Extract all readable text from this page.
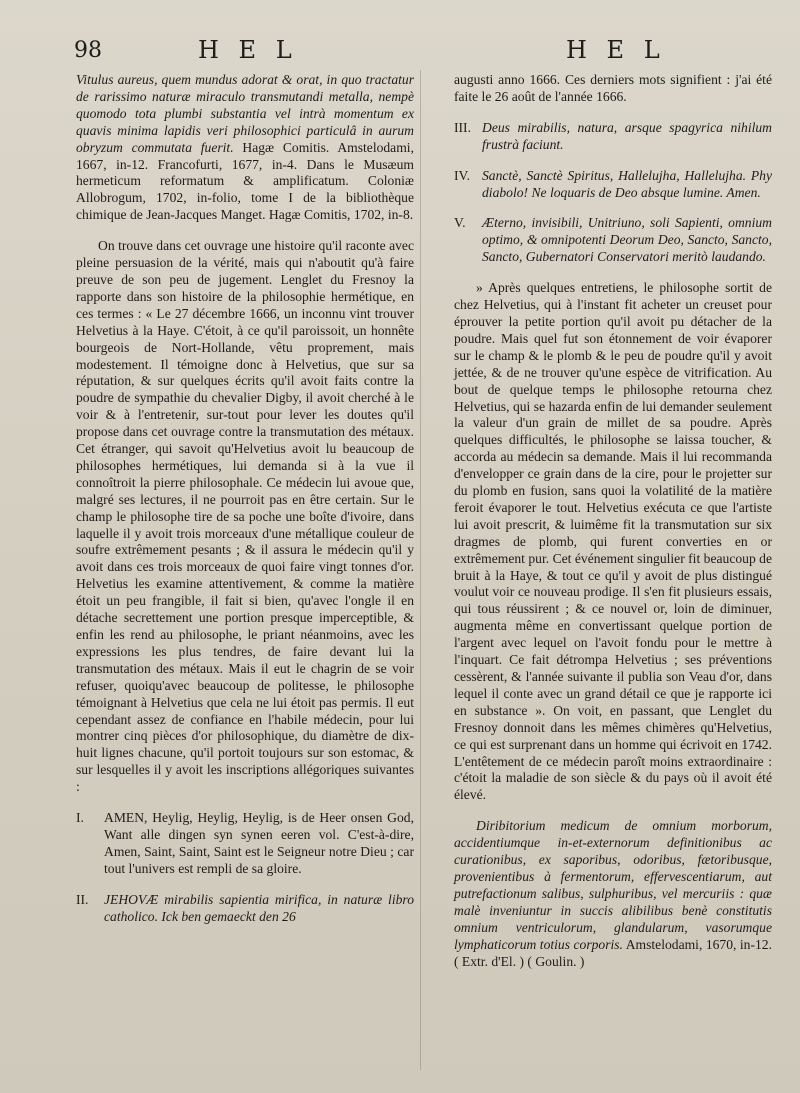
98	H E L	H E L

Vitulus aureus, quem mundus adorat & orat, in quo tractatur de rarissimo naturæ miraculo transmutandi metalla, nempè quomodo tota plumbi substantia vel intrà momentum ex quavis minima lapidis veri philosophici particulâ in aurum obryzum commutata fuerit. Hagæ Comitis. Amstelodami, 1667, in-12. Francofurti, 1677, in-4. Dans le Musæum hermeticum reformatum & amplificatum. Coloniæ Allobrogum, 1702, in-folio, tome I de la bibliothèque chimique de Jean-Jacques Manget. Hagæ Comitis, 1702, in-8.

On trouve dans cet ouvrage une histoire qu'il raconte avec pleine persuasion de la vérité, mais qui n'aboutit qu'à faire preuve de son peu de jugement. Lenglet du Fresnoy la rapporte dans son histoire de la philosophie hermétique, en ces termes : « Le 27 décembre 1666, un inconnu vint trouver Helvetius à la Haye. C'étoit, à ce qu'il paroissoit, un honnête bourgeois de Nort-Hollande, vêtu proprement, mais modestement. Il témoigne donc à Helvetius, que sur sa réputation, & sur quelques écrits qu'il avoit faits contre la poudre de sympathie du chevalier Digby, il avoit cherché à le voir & à l'entretenir, sur-tout pour lever les doutes qu'il propose dans cet ouvrage contre la transmutation des métaux. Cet étranger, qui savoit qu'Helvetius avoit lu beaucoup de philosophes hermétiques, lui demanda si à la vue il connoîtroit la pierre philosophale. Ce médecin lui avoue que, malgré ses lectures, il ne pourroit pas en être certain. Sur le champ le philosophe tire de sa poche une boîte d'ivoire, dans laquelle il y avoit trois morceaux d'une métallique couleur de soufre extrêmement pesants ; & il assura le médecin qu'il y avoit dans ces trois morceaux de quoi faire vingt tonnes d'or. Helvetius les examine attentivement, & comme la matière étoit un peu frangible, il fait si bien, qu'avec l'ongle il en détache secrettement une portion presque imperceptible, & enfin les rend au philosophe, le priant néanmoins, avec les expressions les plus tendres, de faire devant lui la transmutation des métaux. Mais il eut le chagrin de se voir refuser, quoiqu'avec beaucoup de politesse, le philosophe témoignant à Helvetius que cela ne lui étoit pas permis. Il eut cependant assez de confiance en l'habile médecin, pour lui montrer cinq pièces d'or philosophique, du diamètre de dix-huit lignes chacune, qu'il portoit toujours sur son estomac, & sur lesquelles il y avoit les inscriptions allégoriques suivantes :

I.	AMEN, Heylig, Heylig, Heylig, is de Heer onsen God, Want alle dingen syn synen eeren vol. C'est-à-dire, Amen, Saint, Saint, Saint est le Seigneur notre Dieu ; car tout l'univers est rempli de sa gloire.
II.	JEHOVÆ mirabilis sapientia mirifica, in naturæ libro catholico. Ick ben gemaeckt den 26

augusti anno 1666. Ces derniers mots signifient : j'ai été faite le 26 août de l'année 1666.

III. Deus mirabilis, natura, arsque spagyrica nihilum frustrà faciunt.
IV. Sanctè, Sanctè Spiritus, Hallelujha, Hallelujha. Phy diabolo! Ne loquaris de Deo absque lumine. Amen.
V.	Æterno, invisibili, Unitriuno, soli Sapienti, omnium optimo, & omnipotenti Deorum Deo, Sancto, Sancto, Sancto, Gubernatori Conservatori meritò laudando.

» Après quelques entretiens, le philosophe sortit de chez Helvetius, qui à l'instant fit acheter un creuset pour éprouver la petite portion qu'il avoit pu détacher de la poudre. Mais quel fut son étonnement de voir évaporer sur le champ & le plomb & le peu de poudre qu'il y avoit jettée, & de ne trouver qu'une espèce de vitrification. Au bout de quelque temps le philosophe retourna chez Helvetius, qui se hazarda enfin de lui demander seulement la valeur d'un grain de millet de sa poudre. Après quelques difficultés, le philosophe se laissa toucher, & accorda au médecin sa demande. Mais il lui recommanda d'envelopper ce grain dans de la cire, pour le projetter sur du plomb en fusion, sans quoi la volatilité de la matière feroit évaporer le tout. Helvetius exécuta ce que l'artiste lui avoit prescrit, & luimême fit la transmutation sur six dragmes de plomb, qui furent converties en or extrêmement pur. Cet événement singulier fit beaucoup de bruit à la Haye, & tout ce qu'il y avoit de plus distingué voulut voir ce nouveau prodige. Il s'en fit plusieurs essais, qui tous réussirent ; & ce nouvel or, loin de diminuer, augmenta même en convertissant quelque portion de l'argent avec lequel on l'avoit fondu pour le mettre à l'inquart. Ce fait détrompa Helvetius ; ses préventions cessèrent, & l'année suivante il publia son Veau d'or, dans lequel il conte avec un grand détail ce que je rapporte ici en substance ». On voit, en passant, que Lenglet du Fresnoy donnoit dans les mêmes chimères qu'Helvetius, ce qui est surprenant dans un homme qui écrivoit en 1742. L'entêtement de ce médecin paroît moins extraordinaire : c'étoit la maladie de son siècle & du pays où il avoit été élevé.

Diribitorium medicum de omnium morborum, accidentiumque in-et-externorum definitionibus ac curationibus, ex saporibus, odoribus, fætoribusque, provenientibus à fermentorum, effervescentiarum, aut putrefactionum salibus, sulphuribus, vel mercuriis : quæ malè inveniuntur in succis alibilibus benè constitutis omnium ventriculorum, glandularum, vasorumque lymphaticorum totius corporis. Amstelodami, 1670, in-12. ( Extr. d'El. ) ( Goulin. )
